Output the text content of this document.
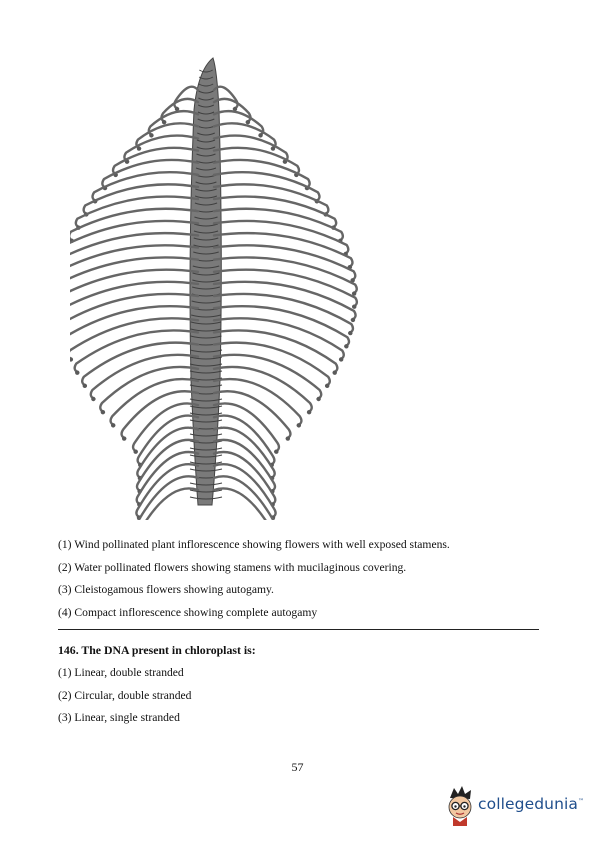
(1) Wind pollinated plant inflorescence showing flowers with well exposed stamens.
(2) Water pollinated flowers showing stamens with mucilaginous covering.
(3) Cleistogamous flowers showing autogamy.
(4) Compact inflorescence showing complete autogamy
146. The DNA present in chloroplast is:
(1) Linear, double stranded
(2) Circular, double stranded
(3) Linear, single stranded
57
collegedunia™
